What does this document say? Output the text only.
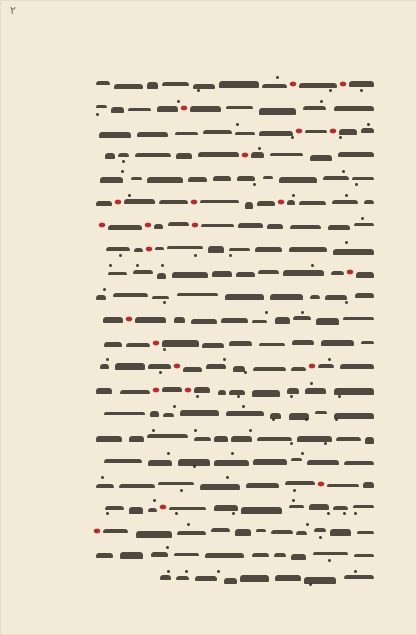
۲
